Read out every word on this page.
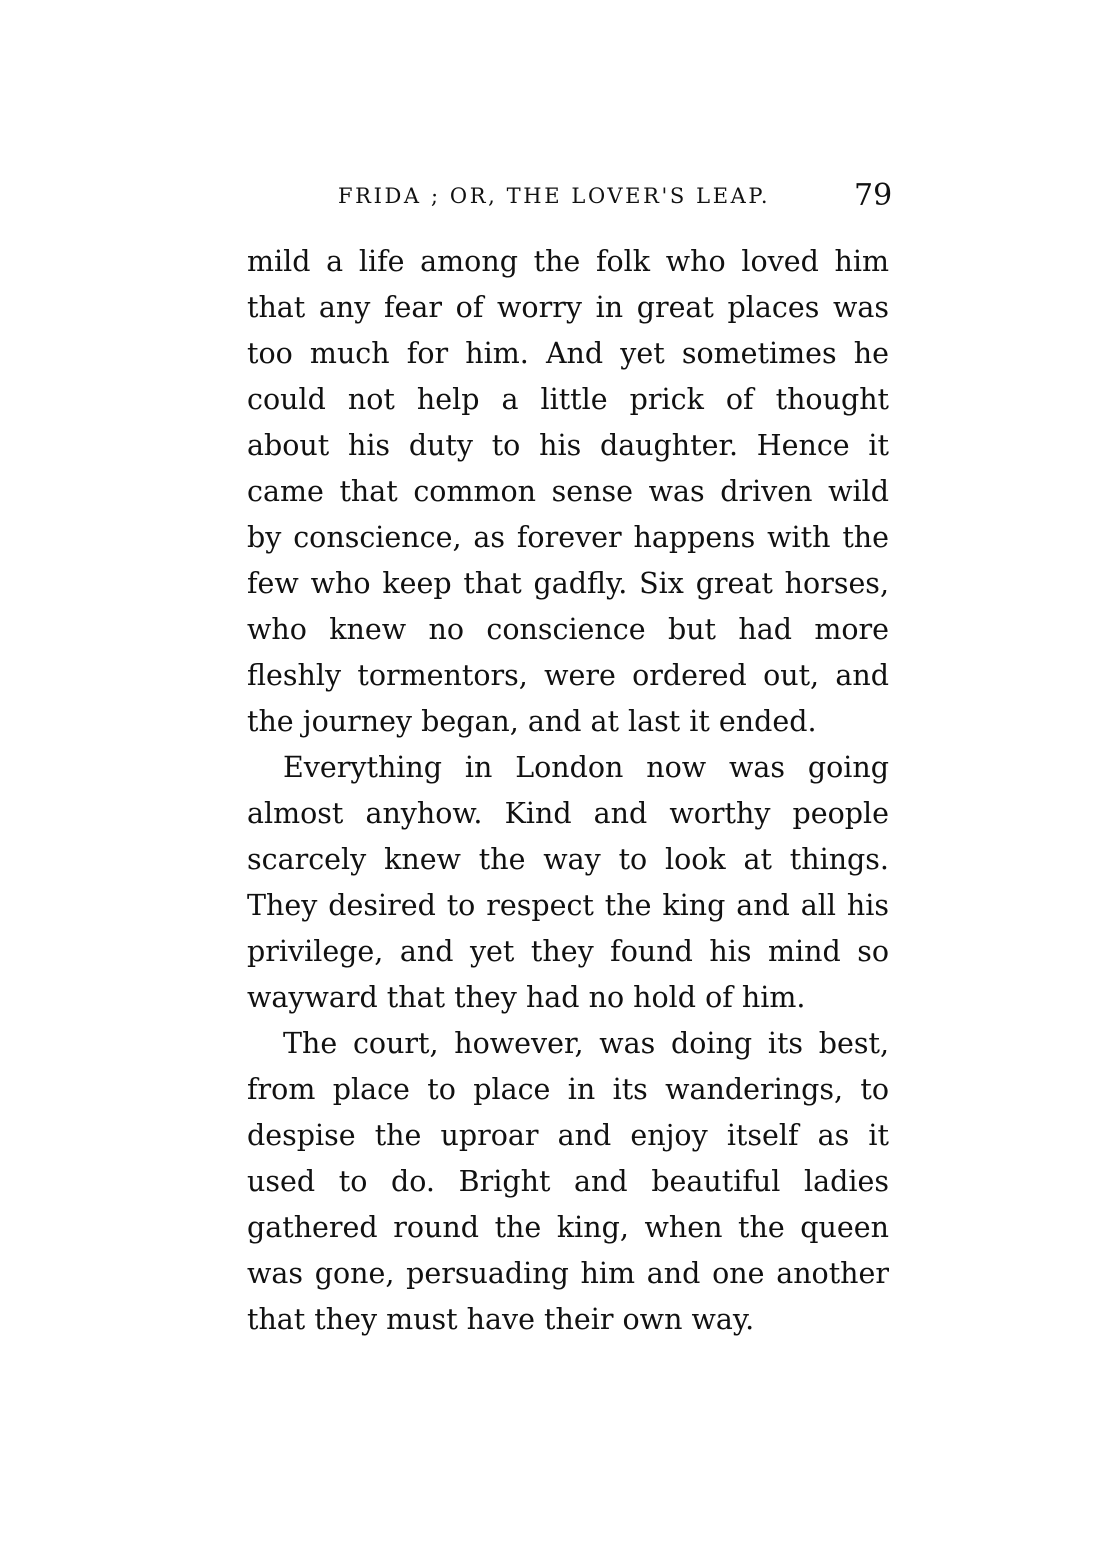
FRIDA ; OR, THE LOVER'S LEAP.	79
mild a life among the folk who loved him
that any fear of worry in great places was
too much for him. And yet sometimes he
could not help a little prick of thought
about his duty to his daughter. Hence it
came that common sense was driven wild
by conscience, as forever happens with the
few who keep that gadfly. Six great horses,
who knew no conscience but had more
fleshly tormentors, were ordered out, and
the journey began, and at last it ended.
Everything in London now was going
almost anyhow. Kind and worthy people
scarcely knew the way to look at things.
They desired to respect the king and all his
privilege, and yet they found his mind so
wayward that they had no hold of him.
The court, however, was doing its best,
from place to place in its wanderings, to
despise the uproar and enjoy itself as it
used to do. Bright and beautiful ladies
gathered round the king, when the queen
was gone, persuading him and one another
that they must have their own way.
